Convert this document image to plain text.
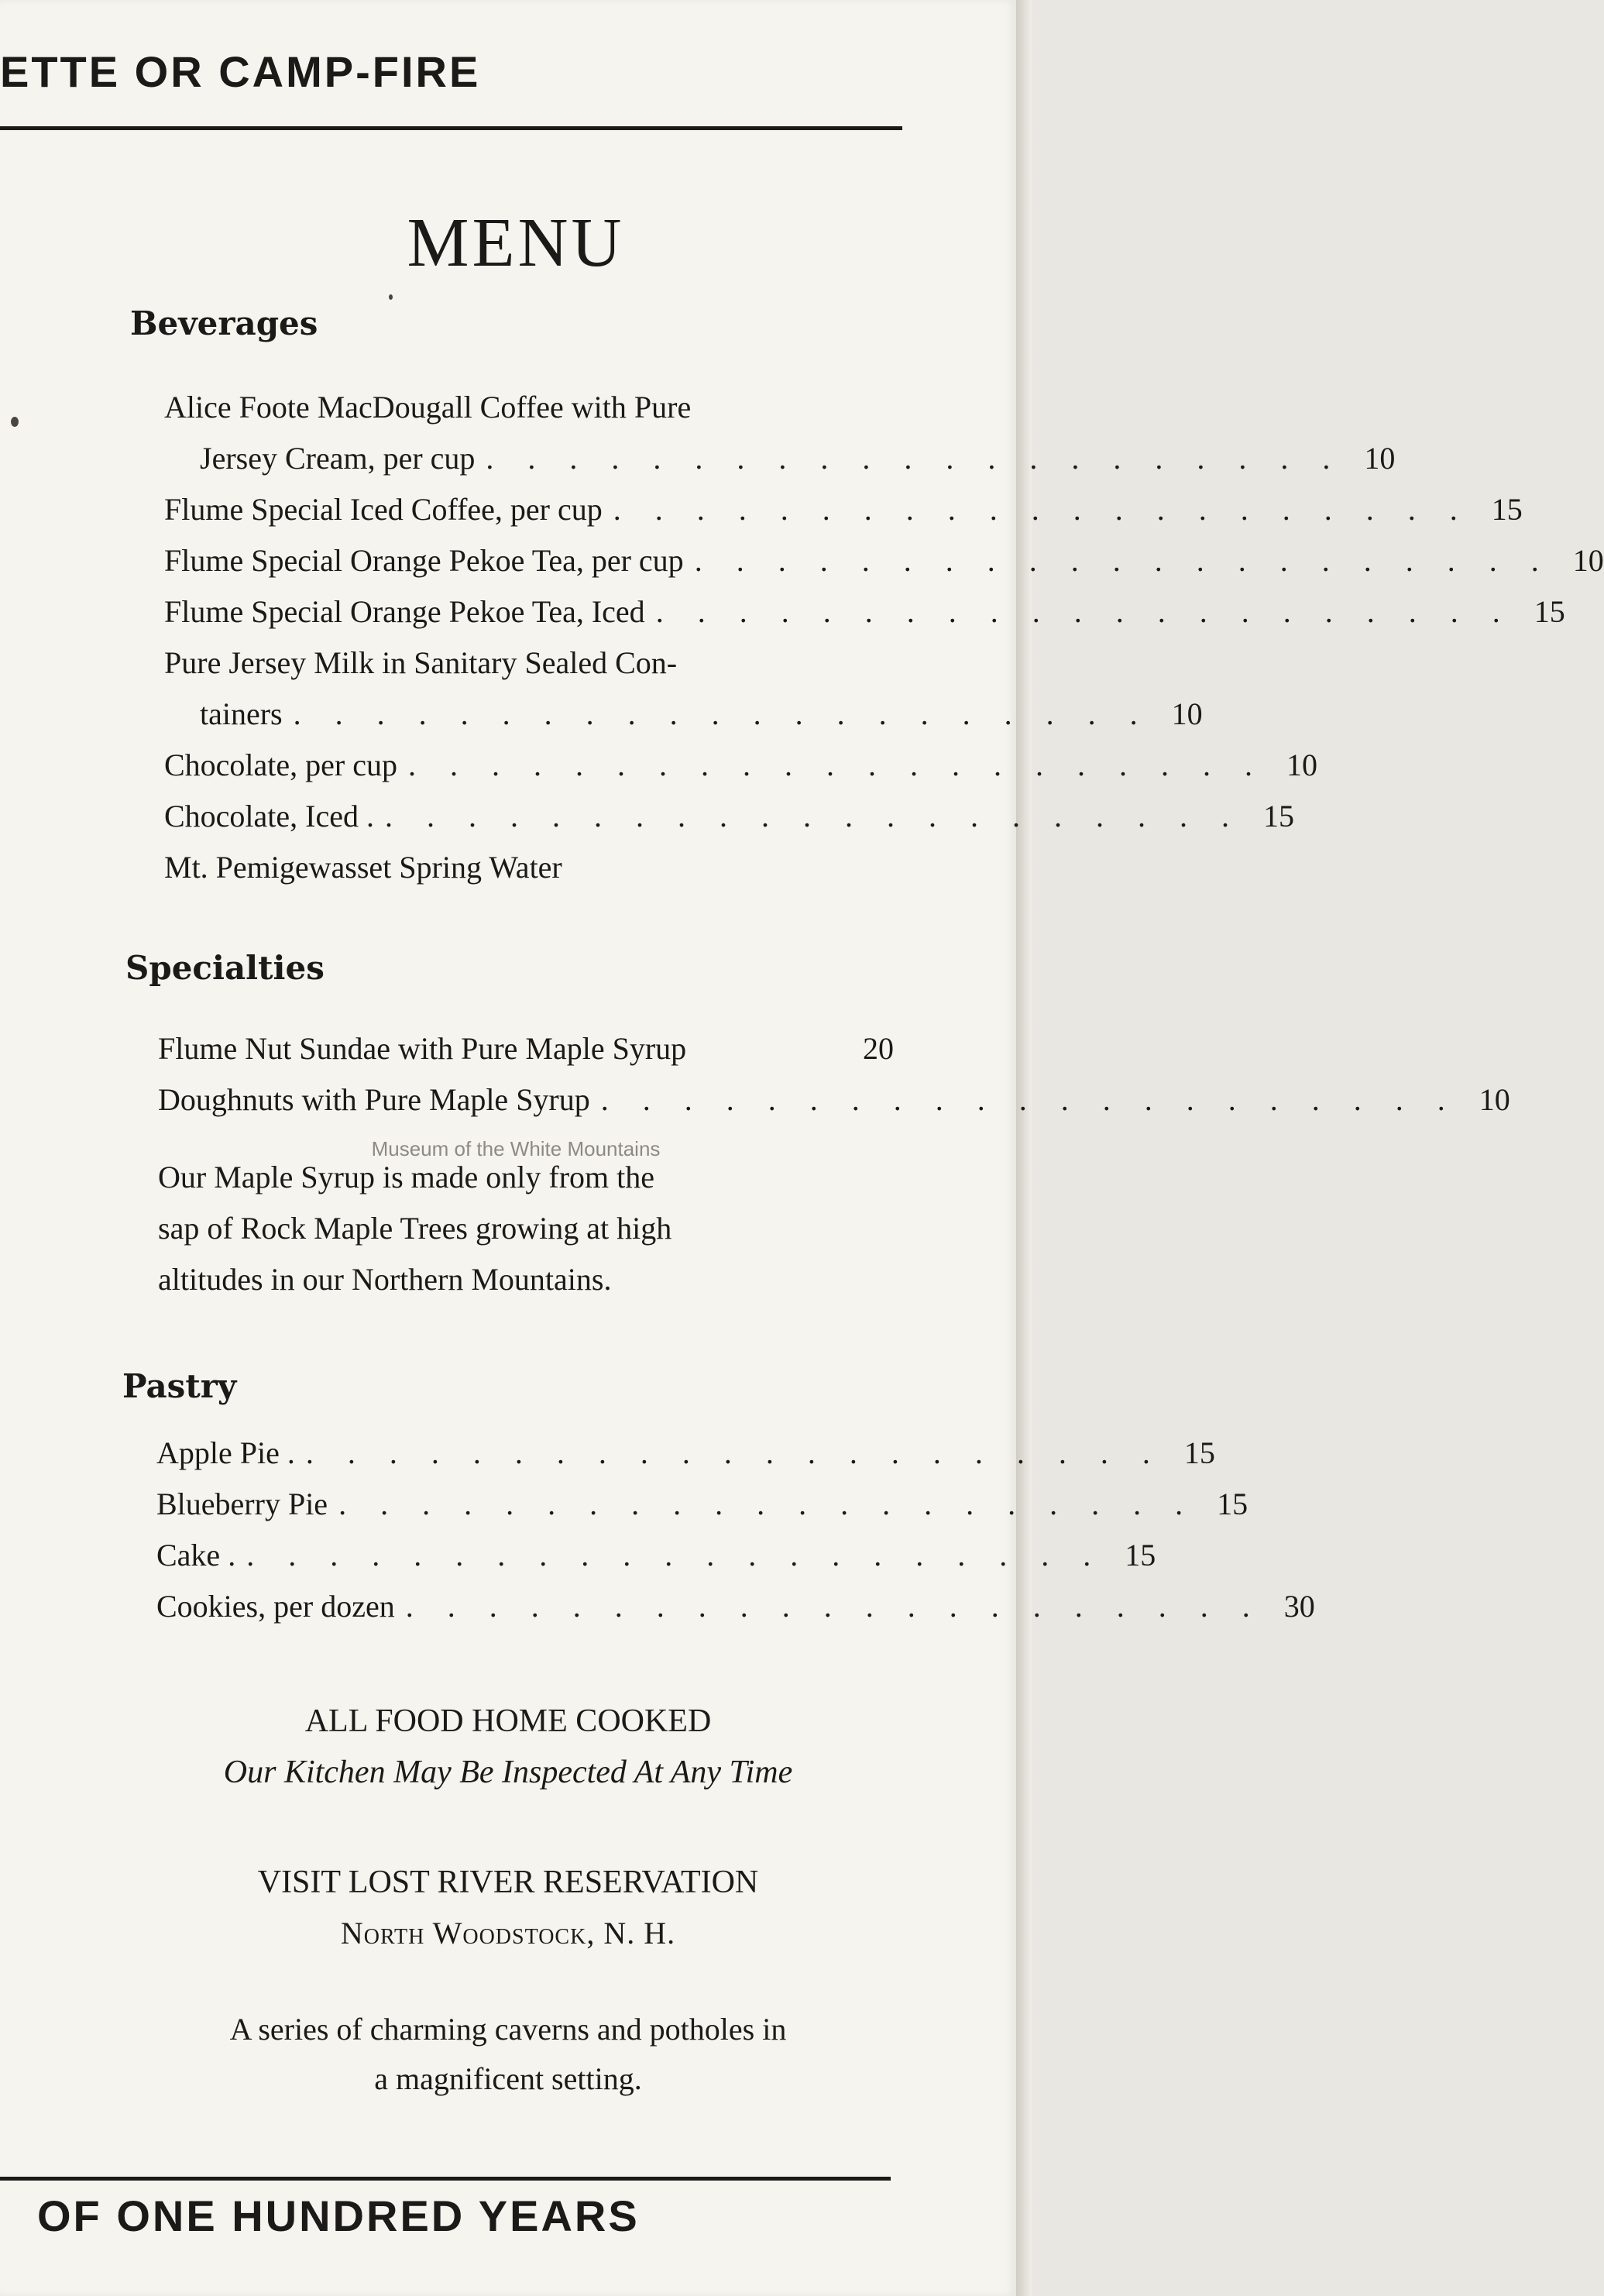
ETTE OR CAMP-FIRE
MENU
Beverages
Alice Foote MacDougall Coffee with Pure
Jersey Cream, per cup ..................... 10
Flume Special Iced Coffee, per cup ..................... 15
Flume Special Orange Pekoe Tea, per cup ..................... 10
Flume Special Orange Pekoe Tea, Iced ..................... 15
Pure Jersey Milk in Sanitary Sealed Con-
tainers ..................... 10
Chocolate, per cup ..................... 10
Chocolate, Iced . ..................... 15
Mt. Pemigewasset Spring Water
Specialties
Flume Nut Sundae with Pure Maple Syrup	20
Doughnuts with Pure Maple Syrup ..................... 10
Museum of the White Mountains
Our Maple Syrup is made only from the
sap of Rock Maple Trees growing at high
altitudes in our Northern Mountains.
Pastry
Apple Pie . ..................... 15
Blueberry Pie ..................... 15
Cake . ..................... 15
Cookies, per dozen ..................... 30
ALL FOOD HOME COOKED
Our Kitchen May Be Inspected At Any Time
VISIT LOST RIVER RESERVATION
North Woodstock, N. H.
A series of charming caverns and potholes in
a magnificent setting.
OF ONE HUNDRED YEARS
